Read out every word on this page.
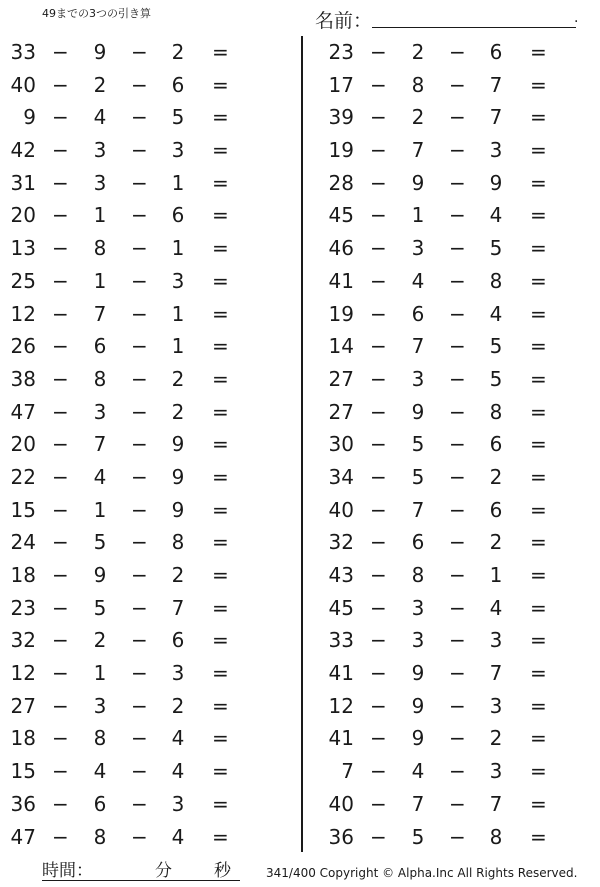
49までの3つの引き算	名前：	.
33 − 9 − 2 =
40 − 2 − 6 =
9 − 4 − 5 =
42 − 3 − 3 =
31 − 3 − 1 =
20 − 1 − 6 =
13 − 8 − 1 =
25 − 1 − 3 =
12 − 7 − 1 =
26 − 6 − 1 =
38 − 8 − 2 =
47 − 3 − 2 =
20 − 7 − 9 =
22 − 4 − 9 =
15 − 1 − 9 =
24 − 5 − 8 =
18 − 9 − 2 =
23 − 5 − 7 =
32 − 2 − 6 =
12 − 1 − 3 =
27 − 3 − 2 =
18 − 8 − 4 =
15 − 4 − 4 =
36 − 6 − 3 =
47 − 8 − 4 =
23 − 2 − 6 =
17 − 8 − 7 =
39 − 2 − 7 =
19 − 7 − 3 =
28 − 9 − 9 =
45 − 1 − 4 =
46 − 3 − 5 =
41 − 4 − 8 =
19 − 6 − 4 =
14 − 7 − 5 =
27 − 3 − 5 =
27 − 9 − 8 =
30 − 5 − 6 =
34 − 5 − 2 =
40 − 7 − 6 =
32 − 6 − 2 =
43 − 8 − 1 =
45 − 3 − 4 =
33 − 3 − 3 =
41 − 9 − 7 =
12 − 9 − 3 =
41 − 9 − 2 =
7 − 4 − 3 =
40 − 7 − 7 =
36 − 5 − 8 =
時間：	分 秒	341/400 Copyright © Alpha.Inc All Rights Reserved.
